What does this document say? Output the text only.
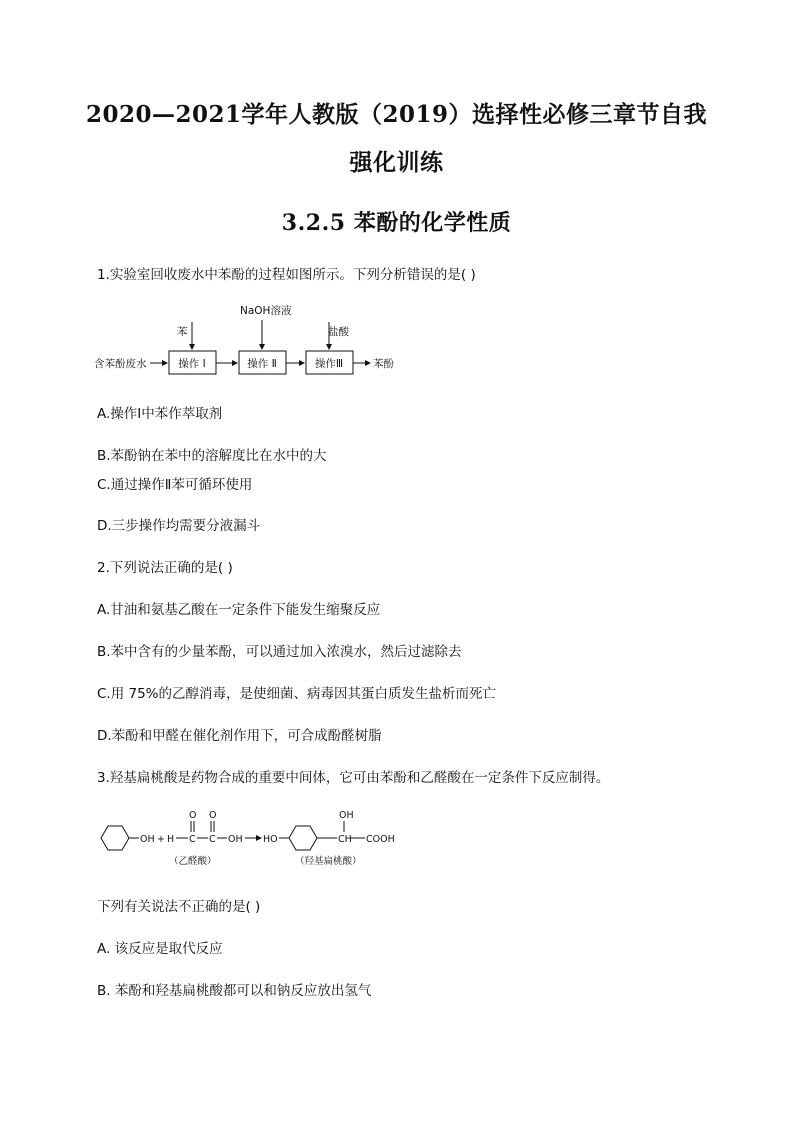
2020—2021学年人教版（2019）选择性必修三章节自我
强化训练
3.2.5 苯酚的化学性质
1.实验室回收废水中苯酚的过程如图所示。下列分析错误的是( )
含苯酚废水	操作 Ⅰ
苯
操作 Ⅱ
NaOH溶液
操作Ⅲ
盐酸
苯酚
A.操作Ⅰ中苯作萃取剂
B.苯酚钠在苯中的溶解度比在水中的大
C.通过操作Ⅱ苯可循环使用
D.三步操作均需要分液漏斗
2.下列说法正确的是( )
A.甘油和氨基乙酸在一定条件下能发生缩聚反应
B.苯中含有的少量苯酚，可以通过加入浓溴水，然后过滤除去
C.用 75%的乙醇消毒，是使细菌、病毒因其蛋白质发生盐析而死亡
D.苯酚和甲醛在催化剂作用下，可合成酚醛树脂
3.羟基扁桃酸是药物合成的重要中间体，它可由苯酚和乙醛酸在一定条件下反应制得。
OH + H C C OH
O O
HO	CH COOH
OH
（乙醛酸）	（羟基扁桃酸）
下列有关说法不正确的是( )
A. 该反应是取代反应
B. 苯酚和羟基扁桃酸都可以和钠反应放出氢气
